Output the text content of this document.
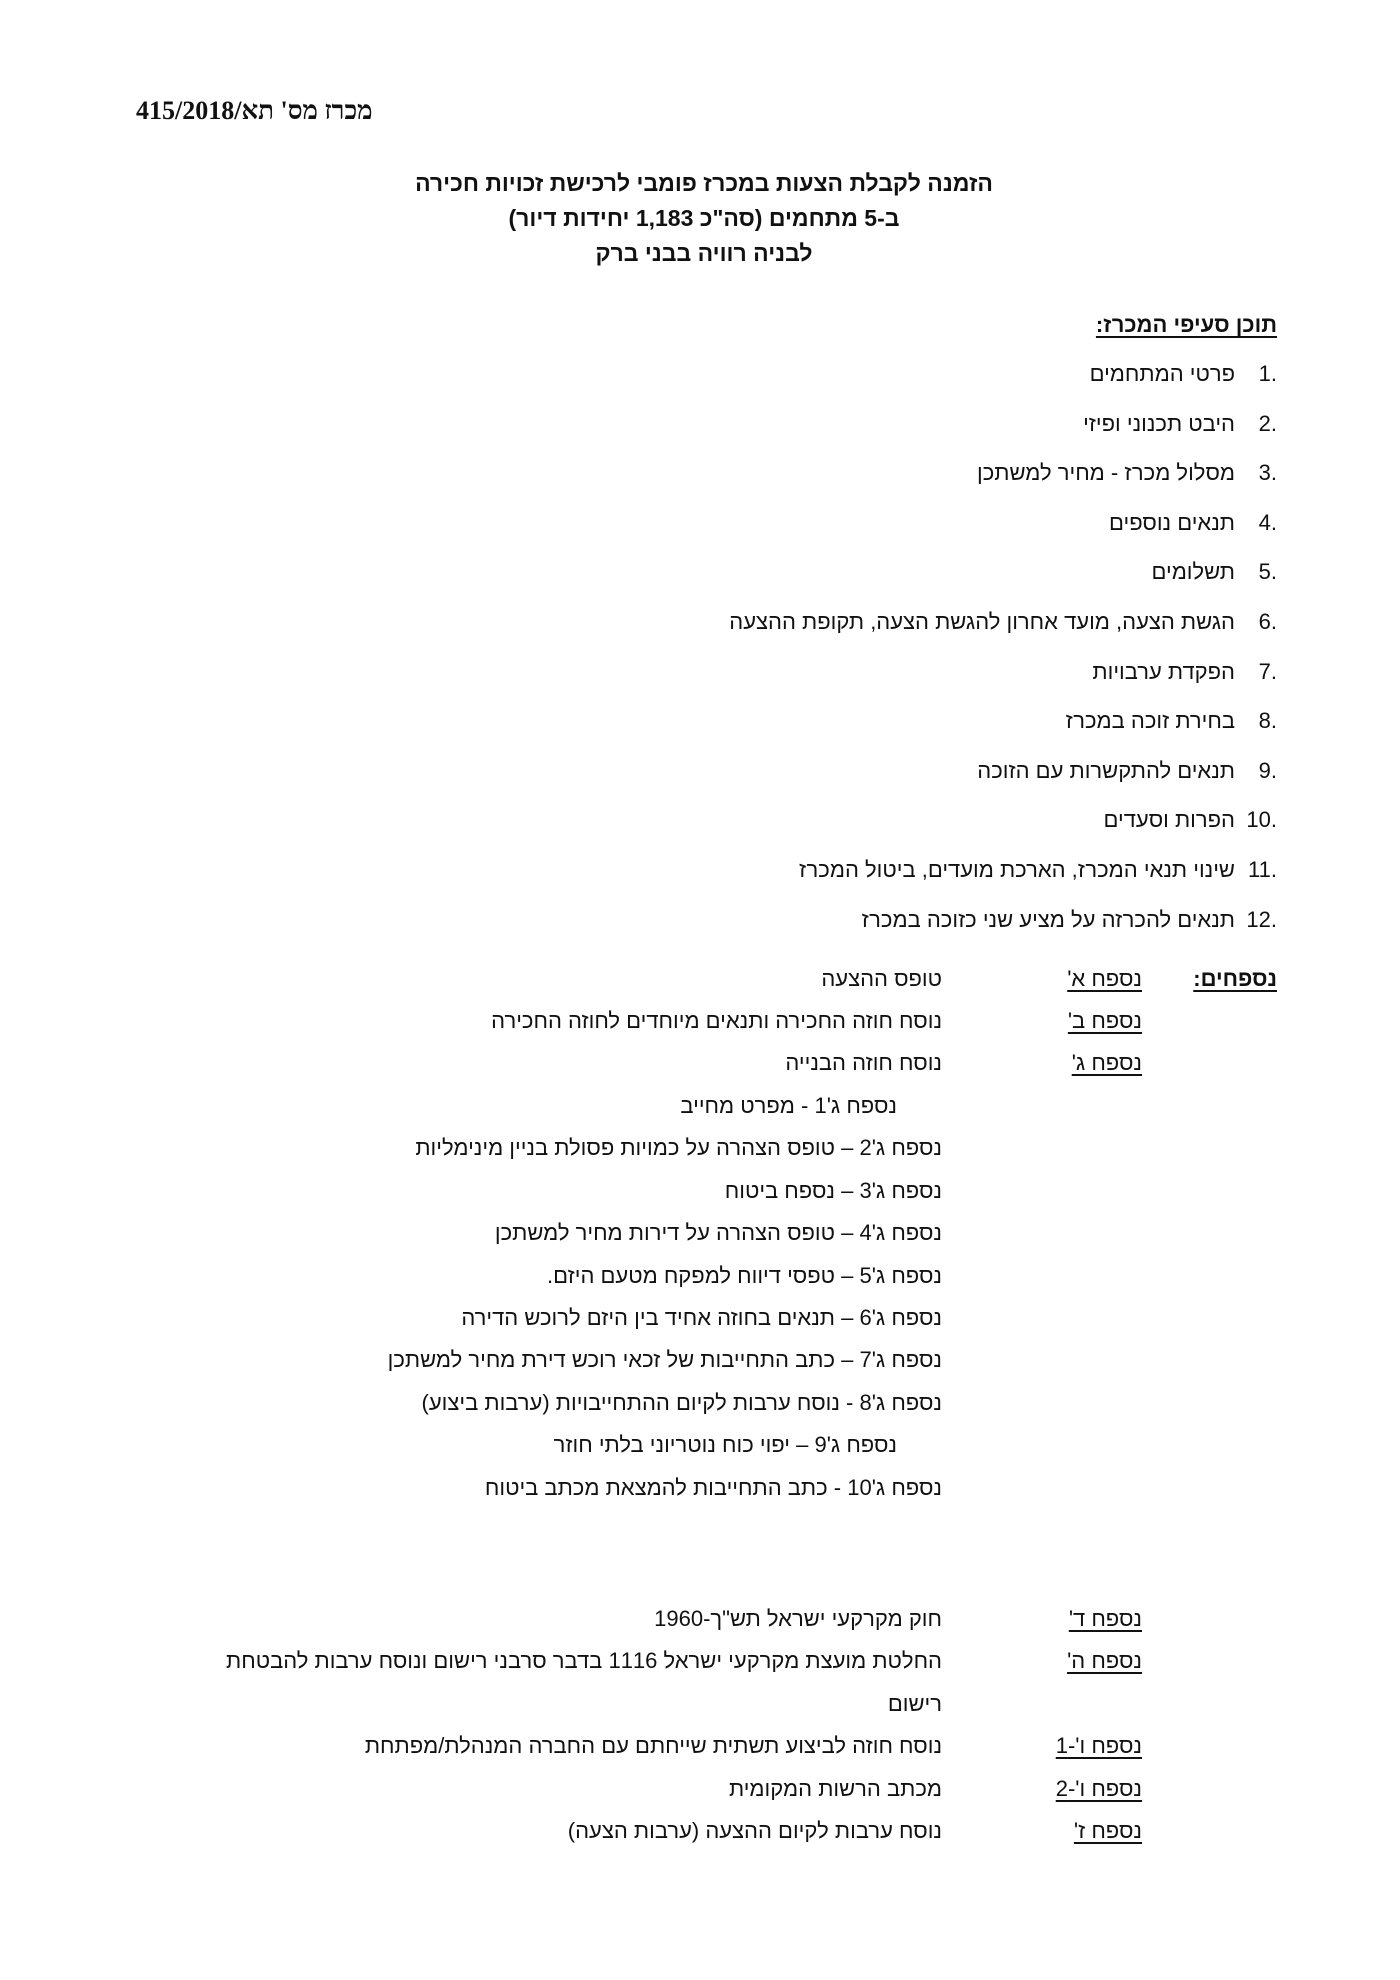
מכרז מס' תא/415/2018
הזמנה לקבלת הצעות במכרז פומבי לרכישת זכויות חכירה
ב-5 מתחמים (סה"כ 1,183 יחידות דיור)
לבניה רוויה בבני ברק
תוכן סעיפי המכרז:
נספחים:
1.
פרטי המתחמים
2.
היבט תכנוני ופיזי
3.
מסלול מכרז - מחיר למשתכן
4.
תנאים נוספים
5.
תשלומים
6.
הגשת הצעה, מועד אחרון להגשת הצעה, תקופת ההצעה
7.
הפקדת ערבויות
8.
בחירת זוכה במכרז
9.
תנאים להתקשרות עם הזוכה
10.
הפרות וסעדים
11.
שינוי תנאי המכרז, הארכת מועדים, ביטול המכרז
12.
תנאים להכרזה על מציע שני כזוכה במכרז
נספח א'
טופס ההצעה
נספח ב'
נוסח חוזה החכירה ותנאים מיוחדים לחוזה החכירה
נספח ג'
נוסח חוזה הבנייה
נספח ג'1 - מפרט מחייב
נספח ג'2 – טופס הצהרה על כמויות פסולת בניין מינימליות
נספח ג'3 – נספח ביטוח
נספח ג'4 – טופס הצהרה על דירות מחיר למשתכן
נספח ג'5 – טפסי דיווח למפקח מטעם היזם.
נספח ג'6 – תנאים בחוזה אחיד בין היזם לרוכש הדירה
נספח ג'7 – כתב התחייבות של זכאי רוכש דירת מחיר למשתכן
נספח ג'8 - נוסח ערבות לקיום ההתחייבויות (ערבות ביצוע)
נספח ג'9 – יפוי כוח נוטריוני בלתי חוזר
נספח ג'10 - כתב התחייבות להמצאת מכתב ביטוח
נספח ד'
חוק מקרקעי ישראל תש"ך-1960
נספח ה'
החלטת מועצת מקרקעי ישראל 1116 בדבר סרבני רישום ונוסח ערבות להבטחת
רישום
נספח ו'-1
נוסח חוזה לביצוע תשתית שייחתם עם החברה המנהלת/מפתחת
נספח ו'-2
מכתב הרשות המקומית
נספח ז'
נוסח ערבות לקיום ההצעה (ערבות הצעה)
